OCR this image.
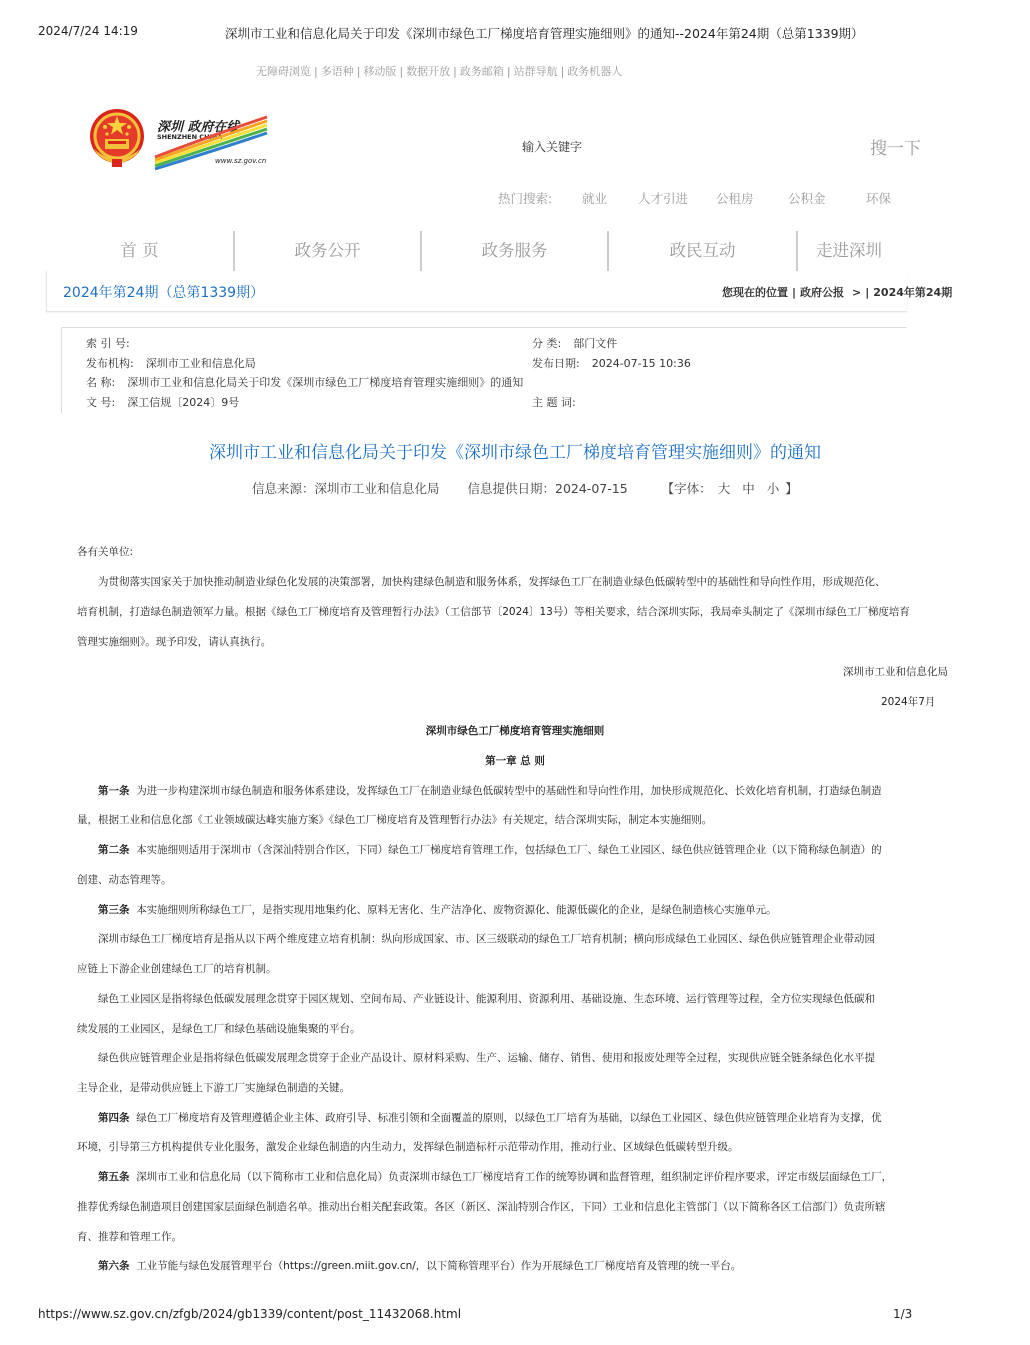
2024/7/24 14:19	深圳市工业和信息化局关于印发《深圳市绿色工厂梯度培育管理实施细则》的通知--2024年第24期（总第1339期）
无障碍浏览 | 多语种 | 移动版 | 数据开放 | 政务邮箱 | 站群导航 | 政务机器人
深圳 政府在线
SHENZHEN CHINA
www.sz.gov.cn
输入关键字	搜一下
热门搜索: 就业 人才引进 公租房	公积金	环保
首 页	政务公开	政务服务	政民互动	走进深圳
2024年第24期（总第1339期）	您现在的位置 | 政府公报 > | 2024年第24期
索 引 号:	分 类: 部门文件
发布机构: 深圳市工业和信息化局	发布日期: 2024-07-15 10:36
名 称: 深圳市工业和信息化局关于印发《深圳市绿色工厂梯度培育管理实施细则》的通知
文 号: 深工信规〔2024〕9号	主 题 词:
深圳市工业和信息化局关于印发《深圳市绿色工厂梯度培育管理实施细则》的通知
信息来源：深圳市工业和信息化局 信息提供日期：2024-07-15	【字体： 大 中 小 】
各有关单位:
为贯彻落实国家关于加快推动制造业绿色化发展的决策部署，加快构建绿色制造和服务体系，发挥绿色工厂在制造业绿色低碳转型中的基础性和导向性作用，形成规范化、
培育机制，打造绿色制造领军力量。根据《绿色工厂梯度培育及管理暂行办法》（工信部节〔2024〕13号）等相关要求，结合深圳实际，我局牵头制定了《深圳市绿色工厂梯度培育
管理实施细则》。现予印发，请认真执行。
深圳市工业和信息化局
2024年7月
深圳市绿色工厂梯度培育管理实施细则
第一章 总 则
第一条 为进一步构建深圳市绿色制造和服务体系建设，发挥绿色工厂在制造业绿色低碳转型中的基础性和导向性作用，加快形成规范化、长效化培育机制，打造绿色制造
量，根据工业和信息化部《工业领域碳达峰实施方案》《绿色工厂梯度培育及管理暂行办法》有关规定，结合深圳实际，制定本实施细则。
第二条 本实施细则适用于深圳市（含深汕特别合作区，下同）绿色工厂梯度培育管理工作，包括绿色工厂、绿色工业园区、绿色供应链管理企业（以下简称绿色制造）的
创建、动态管理等。
第三条 本实施细则所称绿色工厂，是指实现用地集约化、原料无害化、生产洁净化、废物资源化、能源低碳化的企业，是绿色制造核心实施单元。
深圳市绿色工厂梯度培育是指从以下两个维度建立培育机制：纵向形成国家、市、区三级联动的绿色工厂培育机制；横向形成绿色工业园区、绿色供应链管理企业带动园
应链上下游企业创建绿色工厂的培育机制。
绿色工业园区是指将绿色低碳发展理念贯穿于园区规划、空间布局、产业链设计、能源利用、资源利用、基础设施、生态环境、运行管理等过程，全方位实现绿色低碳和
续发展的工业园区，是绿色工厂和绿色基础设施集聚的平台。
绿色供应链管理企业是指将绿色低碳发展理念贯穿于企业产品设计、原材料采购、生产、运输、储存、销售、使用和报废处理等全过程，实现供应链全链条绿色化水平提
主导企业，是带动供应链上下游工厂实施绿色制造的关键。
第四条 绿色工厂梯度培育及管理遵循企业主体、政府引导、标准引领和全面覆盖的原则，以绿色工厂培育为基础，以绿色工业园区、绿色供应链管理企业培育为支撑，优
环境，引导第三方机构提供专业化服务，激发企业绿色制造的内生动力，发挥绿色制造标杆示范带动作用，推动行业、区域绿色低碳转型升级。
第五条 深圳市工业和信息化局（以下简称市工业和信息化局）负责深圳市绿色工厂梯度培育工作的统筹协调和监督管理，组织制定评价程序要求，评定市级层面绿色工厂，
推荐优秀绿色制造项目创建国家层面绿色制造名单。推动出台相关配套政策。各区（新区、深汕特别合作区，下同）工业和信息化主管部门（以下简称各区工信部门）负责所辖
育、推荐和管理工作。
第六条 工业节能与绿色发展管理平台（https://green.miit.gov.cn/，以下简称管理平台）作为开展绿色工厂梯度培育及管理的统一平台。
https://www.sz.gov.cn/zfgb/2024/gb1339/content/post_11432068.html	1/3
